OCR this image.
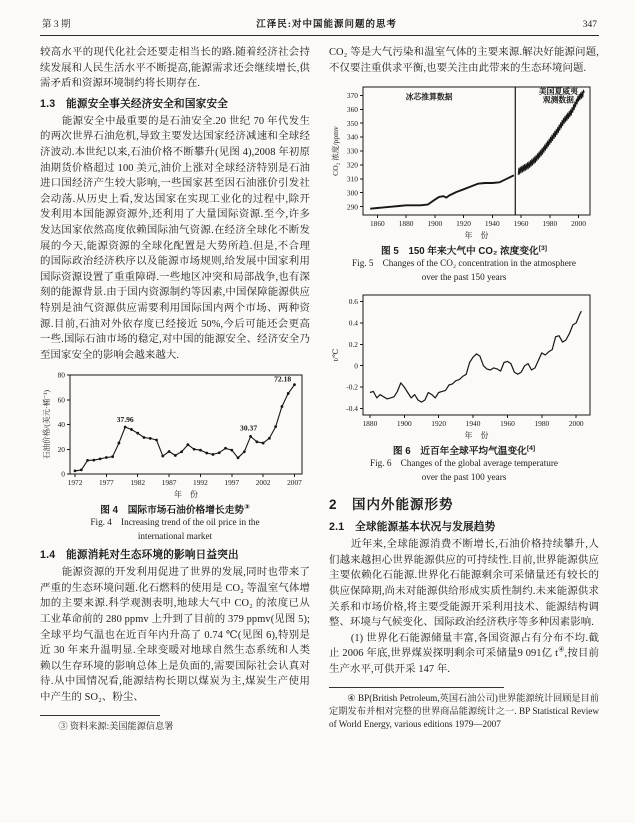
第 3 期	江泽民:对中国能源问题的思考	347

较高水平的现代化社会还要走相当长的路.随着经济社会持续发展和人民生活水平不断提高,能源需求还会继续增长,供需矛盾和资源环境制约将长期存在.

1.3　能源安全事关经济安全和国家安全

能源安全中最重要的是石油安全.20 世纪 70 年代发生的两次世界石油危机,导致主要发达国家经济减速和全球经济波动.本世纪以来,石油价格不断攀升(见图 4),2008 年初原油期货价格超过 100 美元,油价上涨对全球经济特别是石油进口国经济产生较大影响,一些国家甚至因石油涨价引发社会动荡.从历史上看,发达国家在实现工业化的过程中,除开发利用本国能源资源外,还利用了大量国际资源.至今,许多发达国家依然高度依赖国际油气资源.在经济全球化不断发展的今天,能源资源的全球化配置是大势所趋.但是,不合理的国际政治经济秩序以及能源市场规则,给发展中国家利用国际资源设置了重重障碍.一些地区冲突和局部战争,也有深刻的能源背景.由于国内资源制约等因素,中国保障能源供应特别是油气资源供应需要利用国际国内两个市场、两种资源.目前,石油对外依存度已经接近 50%,今后可能还会更高一些.国际石油市场的稳定,对中国的能源安全、经济安全乃至国家安全的影响会越来越大.

0
20
40
60
80
1972 1977 1982 1987 1992 1997 2002 2007
年　份
石油价格/(美元·桶⁻¹)	37.96
30.37
72.18
图 4　国际市场石油价格增长走势③
Fig. 4　Increasing trend of the oil price in the
international market
1.4　能源消耗对生态环境的影响日益突出

能源资源的开发利用促进了世界的发展,同时也带来了严重的生态环境问题.化石燃料的使用是 CO₂ 等温室气体增加的主要来源.科学观测表明,地球大气中 CO₂ 的浓度已从工业革命前的 280 ppmv 上升到了目前的 379 ppmv(见图 5);全球平均气温也在近百年内升高了 0.74 ℃(见图 6),特别是近 30 年来升温明显.全球变暖对地球自然生态系统和人类赖以生存环境的影响总体上是负面的,需要国际社会认真对待.从中国情况看,能源结构长期以煤炭为主,煤炭生产使用中产生的 SO₂、粉尘、

③ 资料来源:美国能源信息署

CO₂ 等是大气污染和温室气体的主要来源.解决好能源问题,不仅要注重供求平衡,也要关注由此带来的生态环境问题.

290
300
310
320
330
340
350
360
370
1860 1880 1900 1920 1940 1960 1980 2000
年　份
CO₂ 浓度/ppmv
冰芯推算数据
美国夏威夷
观测数据
图 5　150 年来大气中 CO₂ 浓度变化[3]
Fig. 5　Changes of the CO₂ concentration in the atmosphere
over the past 150 years
-0.4
-0.2
0
0.2
0.4
0.6
1880	1900	1920	1940	1960	1980	2000
年　份
t/℃
图 6　近百年全球平均气温变化[4]
Fig. 6　Changes of the global average temperature
over the past 100 years
2　国内外能源形势
2.1　全球能源基本状况与发展趋势

近年来,全球能源消费不断增长,石油价格持续攀升,人们越来越担心世界能源供应的可持续性.目前,世界能源供应主要依赖化石能源.世界化石能源剩余可采储量还有较长的供应保障期,尚未对能源供给形成实质性制约.未来能源供求关系和市场价格,将主要受能源开采利用技术、能源结构调整、环境与气候变化、国际政治经济秩序等多种因素影响.

(1) 世界化石能源储量丰富,各国资源占有分布不均.截止 2006 年底,世界煤炭探明剩余可采储量9 091亿 t④,按目前生产水平,可供开采 147 年.

④ BP(British Petroleum,英国石油公司)世界能源统计回顾是目前定期发布并相对完整的世界商品能源统计之一. BP Statistical Review of World Energy, various editions 1979—2007
